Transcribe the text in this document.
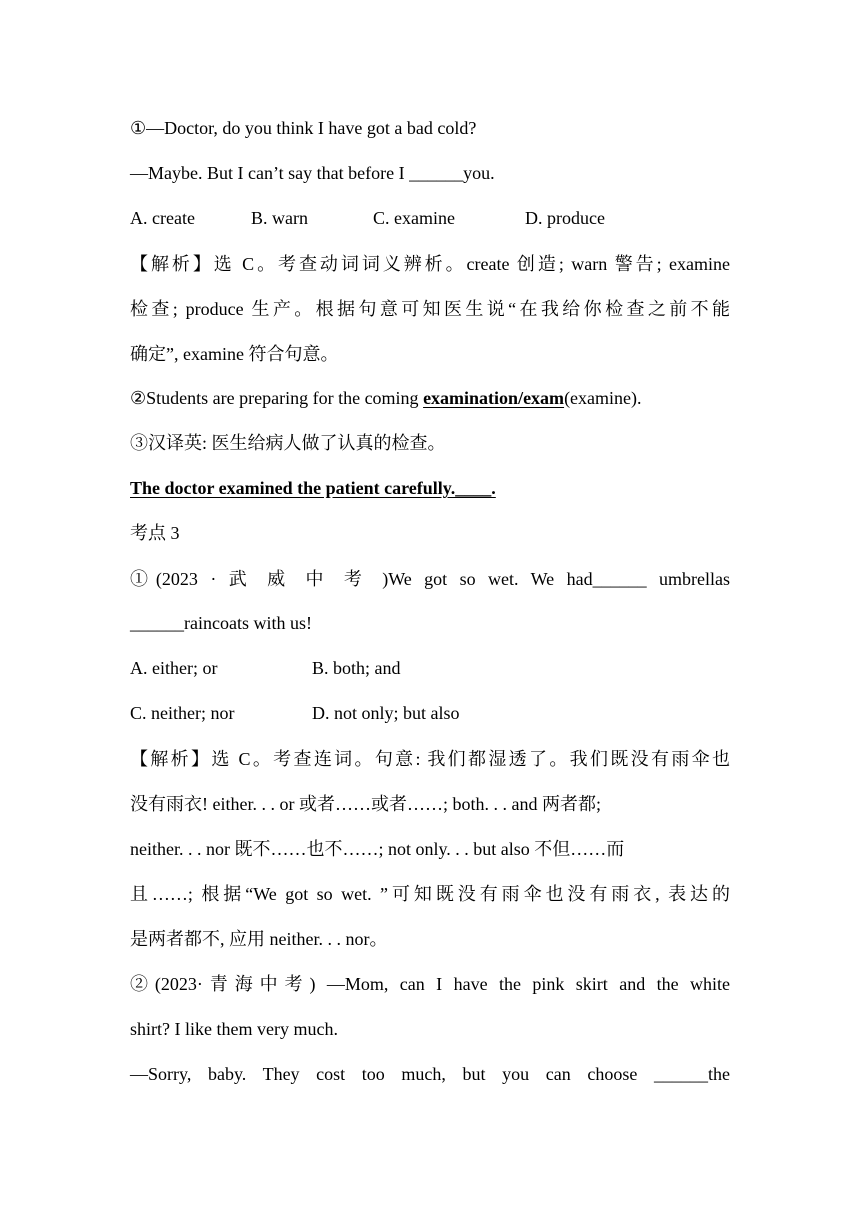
①—Doctor, do you think I have got a bad cold?
—Maybe. But I can’t say that before I ______you.
A. create	B. warn	C. examine	D. produce
【解析】选 C。考查动词词义辨析。create 创造; warn 警告; examine
检查; produce 生产。根据句意可知医生说“在我给你检查之前不能
确定”, examine 符合句意。
②Students are preparing for the coming examination/exam(examine).
③汉译英: 医生给病人做了认真的检查。
The doctor examined the patient carefully.____.
考点 3
①(2023 · 武 威 中 考 )We got so wet. We had______ umbrellas
______raincoats with us!
A. either; or	B. both; and
C. neither; nor	D. not only; but also
【解析】选 C。考查连词。句意: 我们都湿透了。我们既没有雨伞也
没有雨衣! either. . . or 或者……或者……; both. . . and 两者都;
neither. . . nor 既不……也不……; not only. . . but also 不但……而
且……; 根据“We got so wet. ”可知既没有雨伞也没有雨衣, 表达的
是两者都不, 应用 neither. . . nor。
②(2023·青海中考) —Mom, can I have the pink skirt and the white
shirt? I like them very much.
—Sorry, baby. They cost too much, but you can choose ______the
